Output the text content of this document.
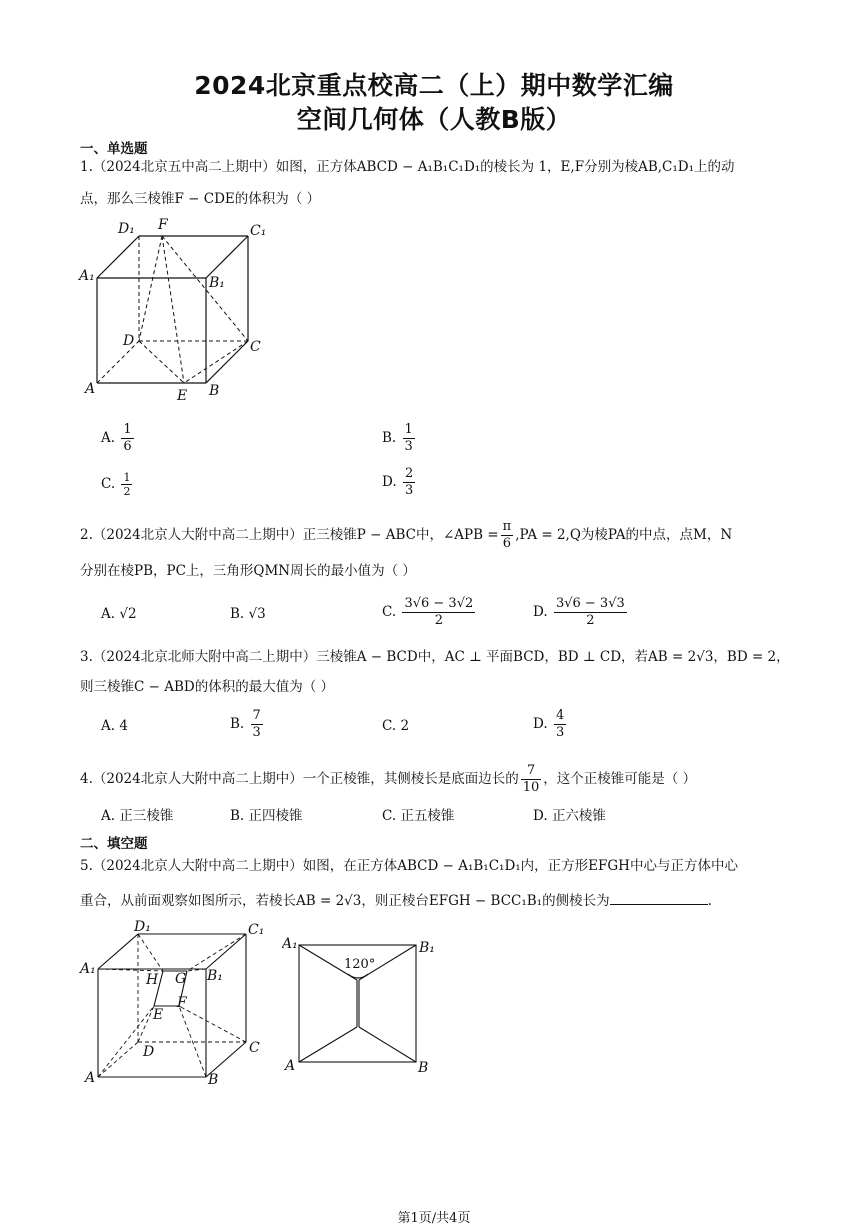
2024北京重点校高二（上）期中数学汇编
空间几何体（人教B版）
一、单选题
1.（2024北京五中高二上期中）如图，正方体ABCD − A₁B₁C₁D₁的棱长为 1，E,F分别为棱AB,C₁D₁上的动
点，那么三棱锥F − CDE的体积为（ ）
D₁ F	C₁
A₁	B₁
D	C
A	E B
A. $\frac{1}{6}$	B. $\frac{1}{3}$
C. $\frac{1}{2}$	D. $\frac{2}{3}$
2.（2024北京人大附中高二上期中）正三棱锥P − ABC中，∠APB = $\frac{\pi}{6} ,PA = 2,Q$为棱PA的中点，点M，N
分别在棱PB，PC上，三角形QMN周长的最小值为（ ）
A. √2	B. √3	C. $\frac{3√6 - 3√2}{2}$	D. $\frac{3√6 - 3√3}{2}$
3.（2024北京北师大附中高二上期中）三棱锥A − BCD中，AC ⊥ 平面BCD，BD ⊥ CD，若AB = 2√3，BD = 2，
则三棱锥C − ABD的体积的最大值为（ ）
A. 4	B. $\frac{7}{3}$	C. 2	D. $\frac{4}{3}$
4.（2024北京人大附中高二上期中）一个正棱锥，其侧棱长是底面边长的 $\frac{7}{10}$ ，这个正棱锥可能是（ ）
A. 正三棱锥	B. 正四棱锥	C. 正五棱锥	D. 正六棱锥
二、填空题
5.（2024北京人大附中高二上期中）如图，在正方体ABCD − A₁B₁C₁D₁内，正方形EFGH中心与正方体中心
重合，从前面观察如图所示，若棱长AB = 2√3，则正棱台EFGH − BCC₁B₁的侧棱长为	.
D₁	C₁
A₁	B₁
H G
F
E
D	C
A	B
A₁	B₁
A	B
120°
第1页/共4页
